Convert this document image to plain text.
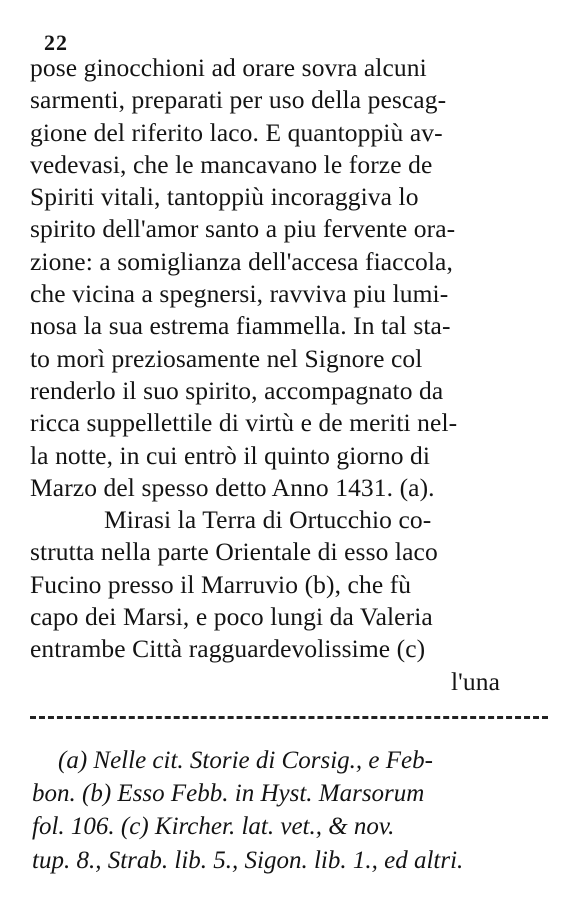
22
pose ginocchioni ad orare sovra alcuni
sarmenti, preparati per uso della pescag-
gione del riferito laco. E quantoppiù av-
vedevasi, che le mancavano le forze de
Spiriti vitali, tantoppiù incoraggiva lo
spirito dell'amor santo a piu fervente ora-
zione: a somiglianza dell'accesa fiaccola,
che vicina a spegnersi, ravviva piu lumi-
nosa la sua estrema fiammella. In tal sta-
to morì preziosamente nel Signore col
renderlo il suo spirito, accompagnato da
ricca suppellettile di virtù e de meriti nel-
la notte, in cui entrò il quinto giorno di
Marzo del spesso detto Anno 1431. (a).
Mirasi la Terra di Ortucchio co-
strutta nella parte Orientale di esso laco
Fucino presso il Marruvio (b), che fù
capo dei Marsi, e poco lungi da Valeria
entrambe Città ragguardevolissime (c)
l'una
(a) Nelle cit. Storie di Corsig., e Feb-
bon. (b) Esso Febb. in Hyst. Marsorum
fol. 106. (c) Kircher. lat. vet., & nov.
tup. 8., Strab. lib. 5., Sigon. lib. 1., ed altri.
